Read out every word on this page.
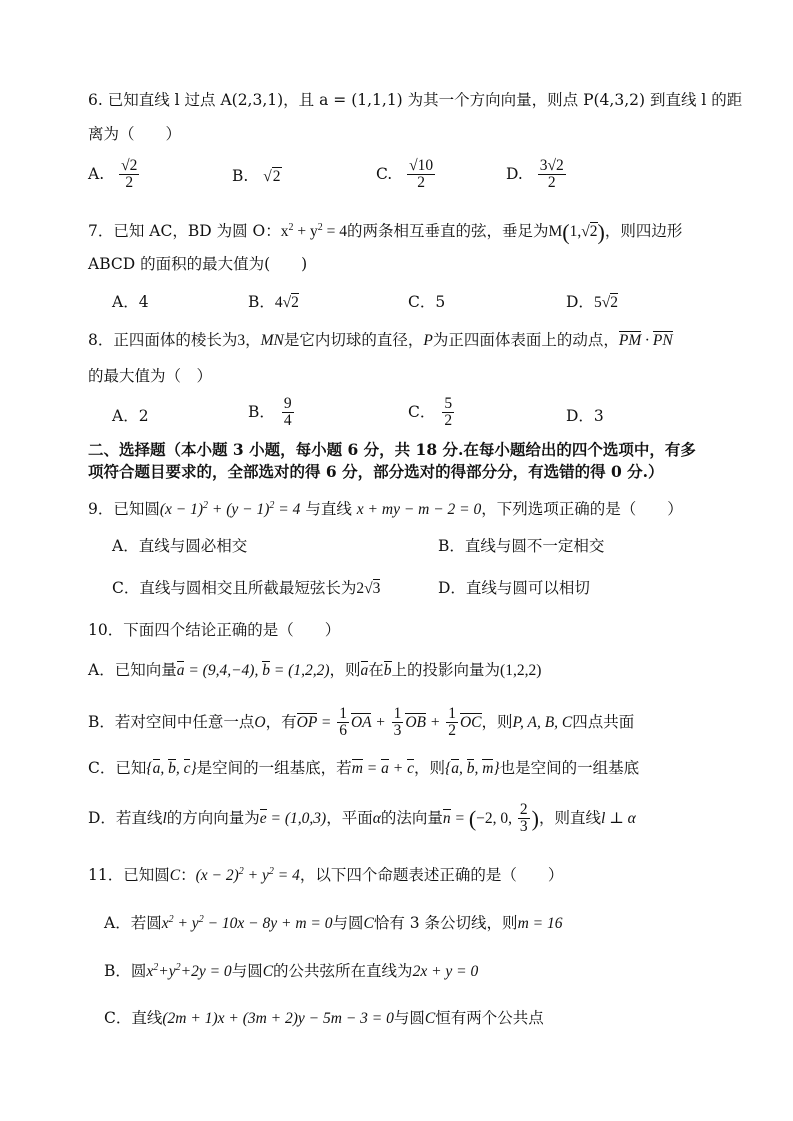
6. 已知直线 l 过点 A(2,3,1)，且 a = (1,1,1) 为其一个方向向量，则点 P(4,3,2) 到直线 l 的距
离为（　　）
A. $\frac{√2}{2}$	B. √2	C. $\frac{√10}{2}$	D. $\frac{3√2}{2}$
7．已知 AC，BD 为圆 O：$x^2 + y^2 = 4$的两条相互垂直的弦，垂足为M(1,√2)，则四边形
ABCD 的面积的最大值为(　　)
A．4	B．4√2	C．5	D．5√2
8．正四面体的棱长为3，MN是它内切球的直径，P为正四面体表面上的动点，PM · PN
的最大值为（　）
A．2	B． $\frac{9}{4}$	C． $\frac{5}{2}$	D．3
二、选择题（本小题 3 小题，每小题 6 分，共 18 分.在每小题给出的四个选项中，有多
项符合题目要求的，全部选对的得 6 分，部分选对的得部分分，有选错的得 0 分.）
9．已知圆$(x - 1)^2 + (y - 1)^2 = 4$ 与直线 x + my − m − 2 = 0，下列选项正确的是（　　）
A．直线与圆必相交	B．直线与圆不一定相交
C．直线与圆相交且所截最短弦长为2√3	D．直线与圆可以相切
10．下面四个结论正确的是（　　）
A．已知向量a = (9,4,−4), b = (1,2,2)，则a在b上的投影向量为(1,2,2)
B．若对空间中任意一点O，有OP = $\frac{1}{6}$ OA + $\frac{1}{3}$ OB + $\frac{1}{2}$ OC，则P, A, B, C四点共面
C．已知{a, b, c}是空间的一组基底，若m = a + c，则{a, b, m}也是空间的一组基底
D．若直线l的方向向量为e = (1,0,3)，平面α的法向量n = (−2, 0, $\frac{2}{3}$ )，则直线l ⊥ α
11．已知圆C：$(x - 2)^2 + y^2 = 4$，以下四个命题表述正确的是（　　）
A．若圆$x^2 + y^2 - 10x - 8y + m = 0$与圆C恰有 3 条公切线，则m = 16
B．圆$x^2+y^2+2y = 0$与圆C的公共弦所在直线为2x + y = 0
C．直线(2m + 1)x + (3m + 2)y − 5m − 3 = 0与圆C恒有两个公共点
